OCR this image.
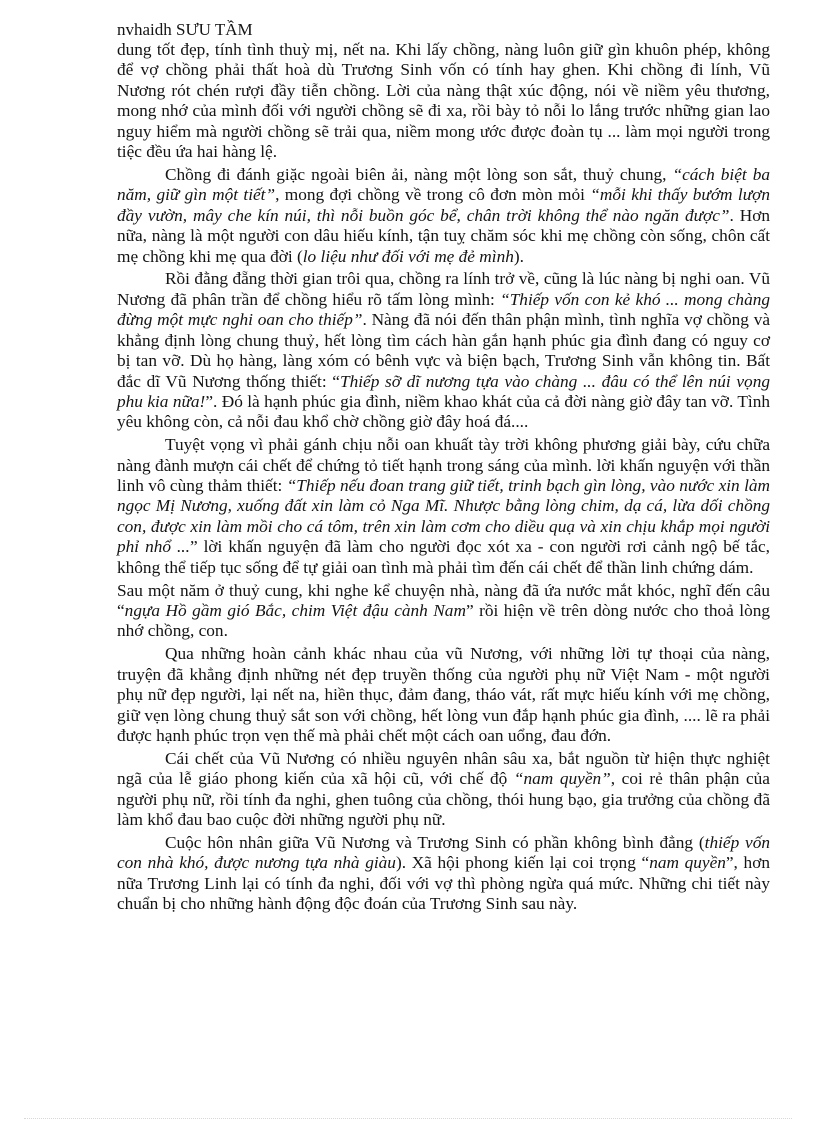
nvhaidh SƯU TẦM

dung tốt đẹp, tính tình thuỳ mị, nết na. Khi lấy chồng, nàng luôn giữ gìn khuôn phép, không để vợ chồng phải thất hoà dù Trương Sinh vốn có tính hay ghen. Khi chồng đi lính, Vũ Nương rót chén rượi đầy tiễn chồng. Lời của nàng thật xúc động, nói về niềm yêu thương, mong nhớ của mình đối với người chồng sẽ đi xa, rồi bày tỏ nỗi lo lắng trước những gian lao nguy hiểm mà người chồng sẽ trải qua, niềm mong ước được đoàn tụ ... làm mọi người trong tiệc đều ứa hai hàng lệ.

Chồng đi đánh giặc ngoài biên ải, nàng một lòng son sắt, thuỷ chung, “cách biệt ba năm, giữ gìn một tiết”, mong đợi chồng về trong cô đơn mòn mỏi “mỗi khi thấy bướm lượn đầy vườn, mây che kín núi, thì nỗi buồn góc bể, chân trời không thể nào ngăn được”. Hơn nữa, nàng là một người con dâu hiếu kính, tận tuỵ chăm sóc khi mẹ chồng còn sống, chôn cất mẹ chồng khi mẹ qua đời (lo liệu như đối với mẹ đẻ mình).

Rồi đằng đẵng thời gian trôi qua, chồng ra lính trở về, cũng là lúc nàng bị nghi oan. Vũ Nương đã phân trần để chồng hiểu rõ tấm lòng mình: “Thiếp vốn con kẻ khó ... mong chàng đừng một mực nghi oan cho thiếp”. Nàng đã nói đến thân phận mình, tình nghĩa vợ chồng và khẳng định lòng chung thuỷ, hết lòng tìm cách hàn gắn hạnh phúc gia đình đang có nguy cơ bị tan vỡ. Dù họ hàng, làng xóm có bênh vực và biện bạch, Trương Sinh vẫn không tin. Bất đắc dĩ Vũ Nương thống thiết: “Thiếp sỡ dĩ nương tựa vào chàng ... đâu có thể lên núi vọng phu kia nữa!”. Đó là hạnh phúc gia đình, niềm khao khát của cả đời nàng giờ đây tan vỡ. Tình yêu không còn, cả nỗi đau khổ chờ chồng giờ đây hoá đá....

Tuyệt vọng vì phải gánh chịu nỗi oan khuất tày trời không phương giải bày, cứu chữa nàng đành mượn cái chết để chứng tỏ tiết hạnh trong sáng của mình. lời khấn nguyện với thần linh vô cùng thảm thiết: “Thiếp nếu đoan trang giữ tiết, trinh bạch gìn lòng, vào nước xin làm ngọc Mị Nương, xuống đất xin làm cỏ Nga Mĩ. Nhược bằng lòng chim, dạ cá, lừa dối chồng con, được xin làm mồi cho cá tôm, trên xin làm cơm cho diều quạ và xin chịu khắp mọi người phỉ nhổ ...” lời khấn nguyện đã làm cho người đọc xót xa - con người rơi cảnh ngộ bế tắc, không thể tiếp tục sống để tự giải oan tình mà phải tìm đến cái chết để thần linh chứng dám.

Sau một năm ở thuỷ cung, khi nghe kể chuyện nhà, nàng đã ứa nước mắt khóc, nghĩ đến câu “ngựa Hồ gầm gió Bắc, chim Việt đậu cành Nam” rồi hiện về trên dòng nước cho thoả lòng nhớ chồng, con.

Qua những hoàn cảnh khác nhau của vũ Nương, với những lời tự thoại của nàng, truyện đã khẳng định những nét đẹp truyền thống của người phụ nữ Việt Nam - một người phụ nữ đẹp người, lại nết na, hiền thục, đảm đang, tháo vát, rất mực hiếu kính với mẹ chồng, giữ vẹn lòng chung thuỷ sắt son với chồng, hết lòng vun đắp hạnh phúc gia đình, .... lẽ ra phải được hạnh phúc trọn vẹn thế mà phải chết một cách oan uổng, đau đớn.

Cái chết của Vũ Nương có nhiều nguyên nhân sâu xa, bắt nguồn từ hiện thực nghiệt ngã của lễ giáo phong kiến của xã hội cũ, với chế độ “nam quyền”, coi rẻ thân phận của người phụ nữ, rồi tính đa nghi, ghen tuông của chồng, thói hung bạo, gia trưởng của chồng đã làm khổ đau bao cuộc đời những người phụ nữ.

Cuộc hôn nhân giữa Vũ Nương và Trương Sinh có phần không bình đẳng (thiếp vốn con nhà khó, được nương tựa nhà giàu). Xã hội phong kiến lại coi trọng “nam quyền”, hơn nữa Trương Linh lại có tính đa nghi, đối với vợ thì phòng ngừa quá mức. Những chi tiết này chuẩn bị cho những hành động độc đoán của Trương Sinh sau này.
